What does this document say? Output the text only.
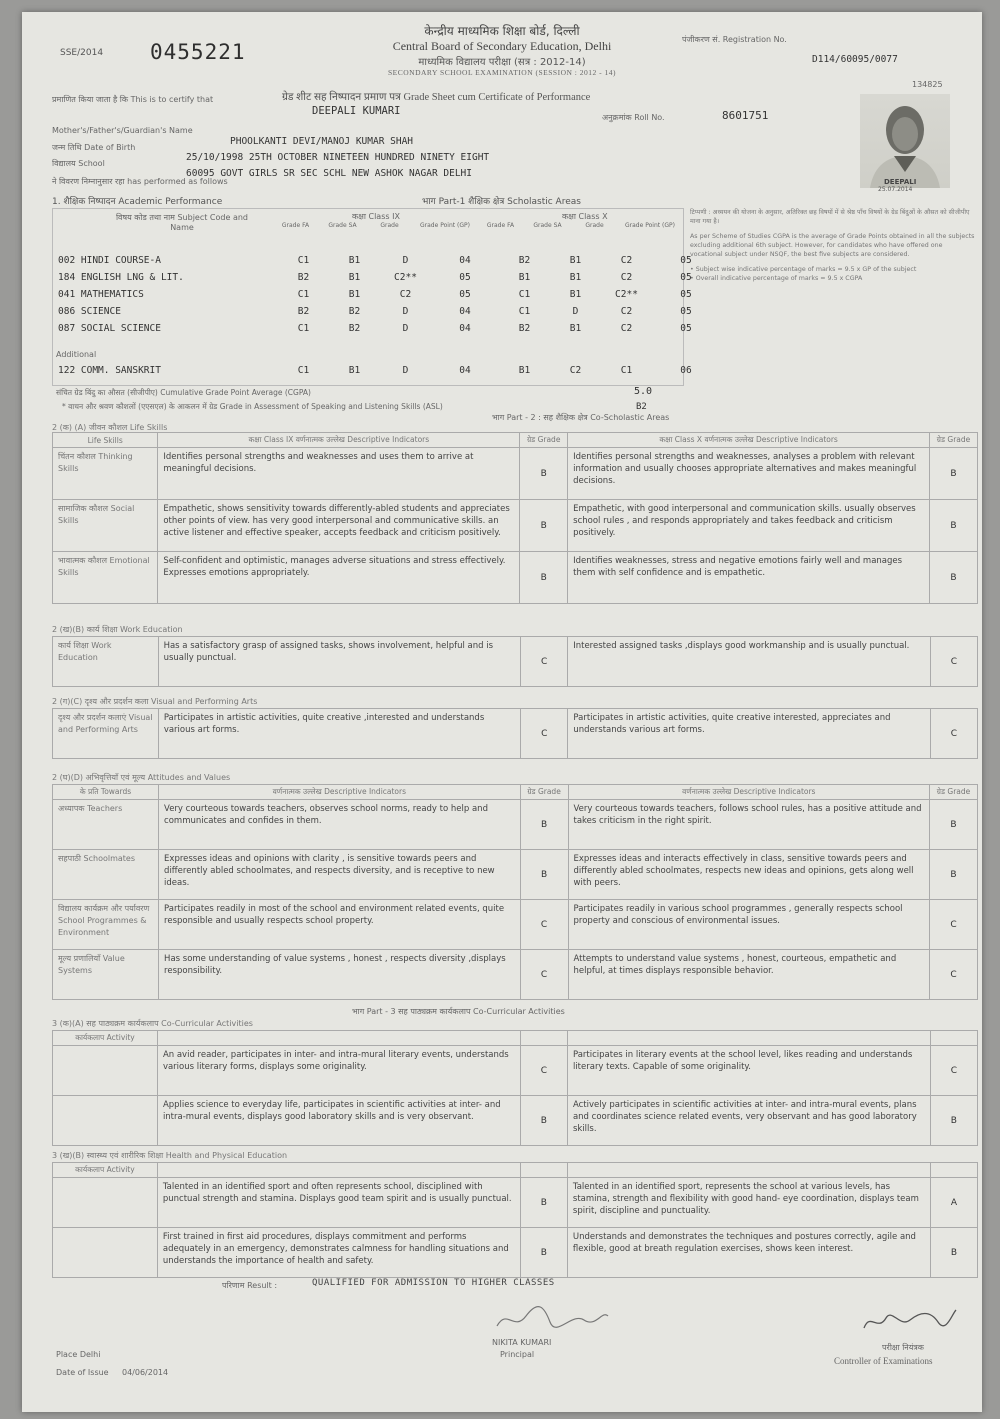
SSE/2014 0455221
केन्द्रीय माध्यमिक शिक्षा बोर्ड, दिल्ली
Central Board of Secondary Education, Delhi
माध्यमिक विद्यालय परीक्षा (सत्र : 2012-14)
SECONDARY SCHOOL EXAMINATION (SESSION : 2012 - 14)
ग्रेड शीट सह निष्पादन प्रमाण पत्र Grade Sheet cum Certificate of Performance
पंजीकरण सं. Registration No.
D114/60095/0077
अनुक्रमांक Roll No.	8601751
134825
DEEPALI
25.07.2014
प्रमाणित किया जाता है कि This is to certify that
DEEPALI KUMARI
Mother's/Father's/Guardian's Name
PHOOLKANTI DEVI/MANOJ KUMAR SHAH
जन्म तिथि Date of Birth
25/10/1998 25TH OCTOBER NINETEEN HUNDRED NINETY EIGHT
विद्यालय School
60095 GOVT GIRLS SR SEC SCHL NEW ASHOK NAGAR DELHI
ने विवरण निम्नानुसार रहा has performed as follows
1. शैक्षिक निष्पादन Academic Performance	भाग Part-1 शैक्षिक क्षेत्र Scholastic Areas
विषय कोड तथा नाम Subject Code and Name
कक्षा Class IX	कक्षा Class X
Grade FA	Grade SA	Grade	Grade Point (GP)	Grade FA	Grade SA	Grade	Grade Point (GP)
002 HINDI COURSE-A	C1	B1	D	04	B2	B1	C2	05
184 ENGLISH LNG & LIT.	B2	B1	C2**	05	B1	B1	C2	05
041 MATHEMATICS	C1	B1	C2	05	C1	B1	C2**	05
086 SCIENCE	B2	B2	D	04	C1	D	C2	05
087 SOCIAL SCIENCE	C1	B2	D	04	B2	B1	C2	05
Additional
122 COMM. SANSKRIT	C1	B1	D	04	B1	C2	C1	06
टिप्पणी : अध्ययन की योजना के अनुसार, अतिरिक्त छह विषयों में से श्रेष्ठ पाँच विषयों के ग्रेड बिंदुओं के औसत को सीजीपीए माना गया है।
As per Scheme of Studies CGPA is the average of Grade Points obtained in all the subjects excluding additional 6th subject. However, for candidates who have offered one vocational subject under NSQF, the best five subjects are considered.
• Subject wise indicative percentage of marks = 9.5 x GP of the subject
• Overall indicative percentage of marks = 9.5 x CGPA
संचित ग्रेड बिंदु का औसत (सीजीपीए) Cumulative Grade Point Average (CGPA)	5.0
* वाचन और श्रवण कौशलों (एएसएल) के आकलन में ग्रेड Grade in Assessment of Speaking and Listening Skills (ASL)	B2
भाग Part - 2 : सह शैक्षिक क्षेत्र Co-Scholastic Areas
2 (क) (A) जीवन कौशल Life Skills
Life Skills	कक्षा Class IX वर्णनात्मक उल्लेख Descriptive Indicators	ग्रेड Grade	कक्षा Class X वर्णनात्मक उल्लेख Descriptive Indicators	ग्रेड Grade
चिंतन कौशल Thinking Skills	Identifies personal strengths and weaknesses and uses them to arrive at meaningful decisions.	B	Identifies personal strengths and weaknesses, analyses a problem with relevant information and usually chooses appropriate alternatives and makes meaningful decisions.	B
सामाजिक कौशल Social Skills	Empathetic, shows sensitivity towards differently-abled students and appreciates other points of view. has very good interpersonal and communicative skills. an active listener and effective speaker, accepts feedback and criticism positively.	B	Empathetic, with good interpersonal and communication skills. usually observes school rules , and responds appropriately and takes feedback and criticism positively.	B
भावात्मक कौशल Emotional Skills	Self-confident and optimistic, manages adverse situations and stress effectively. Expresses emotions appropriately.	B	Identifies weaknesses, stress and negative emotions fairly well and manages them with self confidence and is empathetic.	B
2 (ख)(B) कार्य शिक्षा Work Education
कार्य शिक्षा Work Education	Has a satisfactory grasp of assigned tasks, shows involvement, helpful and is usually punctual.	C	Interested assigned tasks ,displays good workmanship and is usually punctual.	C
2 (ग)(C) दृश्य और प्रदर्शन कला Visual and Performing Arts
दृश्य और प्रदर्शन कलाएं Visual and Performing Arts	Participates in artistic activities, quite creative ,interested and understands various art forms.	C	Participates in artistic activities, quite creative interested, appreciates and understands various art forms.	C
2 (घ)(D) अभिवृत्तियाँ एवं मूल्य Attitudes and Values
के प्रति Towards	वर्णनात्मक उल्लेख Descriptive Indicators	ग्रेड Grade	वर्णनात्मक उल्लेख Descriptive Indicators	ग्रेड Grade
अध्यापक Teachers	Very courteous towards teachers, observes school norms, ready to help and communicates and confides in them.	B	Very courteous towards teachers, follows school rules, has a positive attitude and takes criticism in the right spirit.	B
सहपाठी Schoolmates	Expresses ideas and opinions with clarity , is sensitive towards peers and differently abled schoolmates, and respects diversity, and is receptive to new ideas.	B	Expresses ideas and interacts effectively in class, sensitive towards peers and differently abled schoolmates, respects new ideas and opinions, gets along well with peers.	B
विद्यालय कार्यक्रम और पर्यावरण School Programmes & Environment	Participates readily in most of the school and environment related events, quite responsible and usually respects school property.	C	Participates readily in various school programmes , generally respects school property and conscious of environmental issues.	C
मूल्य प्रणालियाँ Value Systems	Has some understanding of value systems , honest , respects diversity ,displays responsibility.	C	Attempts to understand value systems , honest, courteous, empathetic and helpful, at times displays responsible behavior.	C
भाग Part - 3 सह पाठ्यक्रम कार्यकलाप Co-Curricular Activities
3 (क)(A) सह पाठ्यक्रम कार्यकलाप Co-Curricular Activities
कार्यकलाप Activity				
	An avid reader, participates in inter- and intra-mural literary events, understands various literary forms, displays some originality.	C	Participates in literary events at the school level, likes reading and understands literary texts. Capable of some originality.	C
	Applies science to everyday life, participates in scientific activities at inter- and intra-mural events, displays good laboratory skills and is very observant.	B	Actively participates in scientific activities at inter- and intra-mural events, plans and coordinates science related events, very observant and has good laboratory skills.	B
3 (ख)(B) स्वास्थ्य एवं शारीरिक शिक्षा Health and Physical Education
कार्यकलाप Activity				
	Talented in an identified sport and often represents school, disciplined with punctual strength and stamina. Displays good team spirit and is usually punctual.	B	Talented in an identified sport, represents the school at various levels, has stamina, strength and flexibility with good hand- eye coordination, displays team spirit, discipline and punctuality.	A
	First trained in first aid procedures, displays commitment and performs adequately in an emergency, demonstrates calmness for handling situations and understands the importance of health and safety.	B	Understands and demonstrates the techniques and postures correctly, agile and flexible, good at breath regulation exercises, shows keen interest.	B
परिणाम Result :	QUALIFIED FOR ADMISSION TO HIGHER CLASSES
NIKITA KUMARI
Principal
परीक्षा नियंत्रक
Controller of Examinations
Place Delhi
Date of Issue 04/06/2014
